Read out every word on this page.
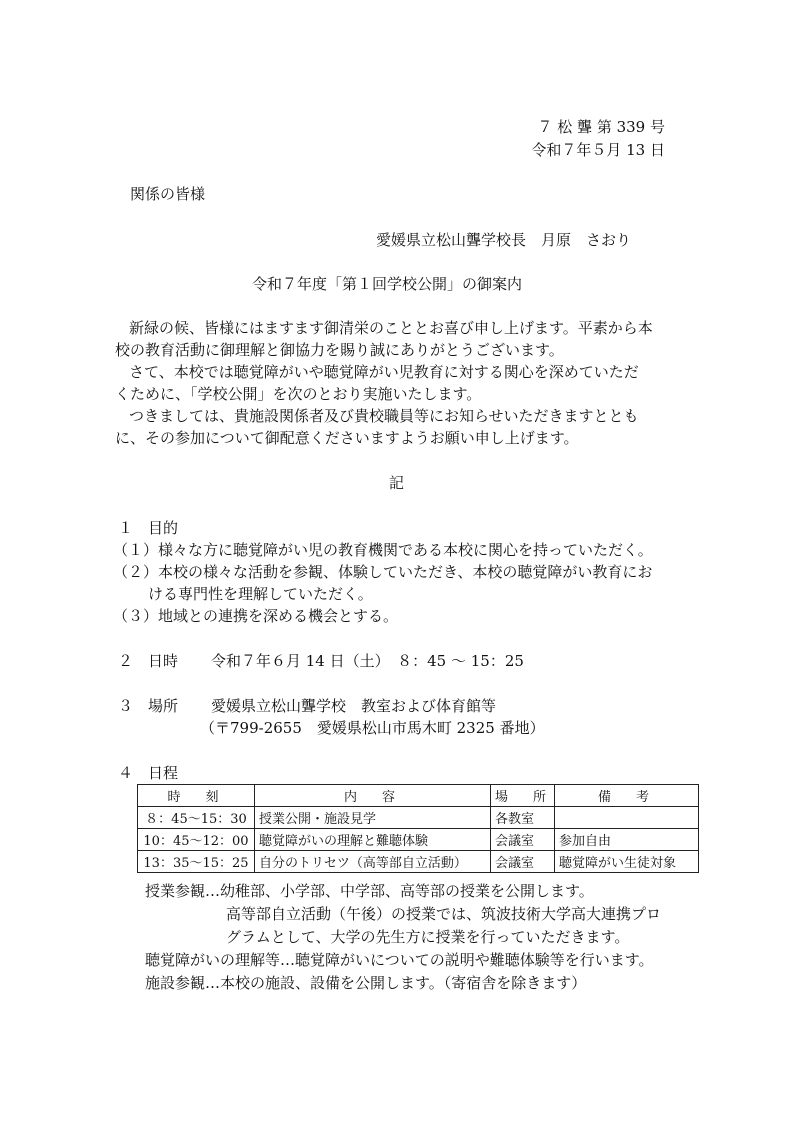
７ 松 聾 第 339 号
令和７年５月 13 日
関係の皆様
愛媛県立松山聾学校長　月原　さおり
令和７年度「第１回学校公開」の御案内
新緑の候、皆様にはますます御清栄のこととお喜び申し上げます。平素から本
校の教育活動に御理解と御協力を賜り誠にありがとうございます。
さて、本校では聴覚障がいや聴覚障がい児教育に対する関心を深めていただ
くために、「学校公開」を次のとおり実施いたします。
つきましては、貴施設関係者及び貴校職員等にお知らせいただきますととも
に、その参加について御配意くださいますようお願い申し上げます。
記
１　目的
（１）様々な方に聴覚障がい児の教育機関である本校に関心を持っていただく。
（２）本校の様々な活動を参観、体験していただき、本校の聴覚障がい教育にお
ける専門性を理解していただく。
（３）地域との連携を深める機会とする。
２　日時 令和７年６月 14 日（土）　８：45 〜 15：25
３　場所 愛媛県立松山聾学校　教室および体育館等
（〒799‐2655　愛媛県松山市馬木町 2325 番地）
４　日程
時　刻	内　容	場　所	備　考
８：45〜15：30	授業公開・施設見学	各教室	
10：45〜12：00	聴覚障がいの理解と難聴体験	会議室	参加自由
13：35〜15：25	自分のトリセツ（高等部自立活動）	会議室	聴覚障がい生徒対象
授業参観…幼稚部、小学部、中学部、高等部の授業を公開します。
高等部自立活動（午後）の授業では、筑波技術大学高大連携プロ
グラムとして、大学の先生方に授業を行っていただきます。
聴覚障がいの理解等…聴覚障がいについての説明や難聴体験等を行います。
施設参観…本校の施設、設備を公開します。（寄宿舎を除きます）
